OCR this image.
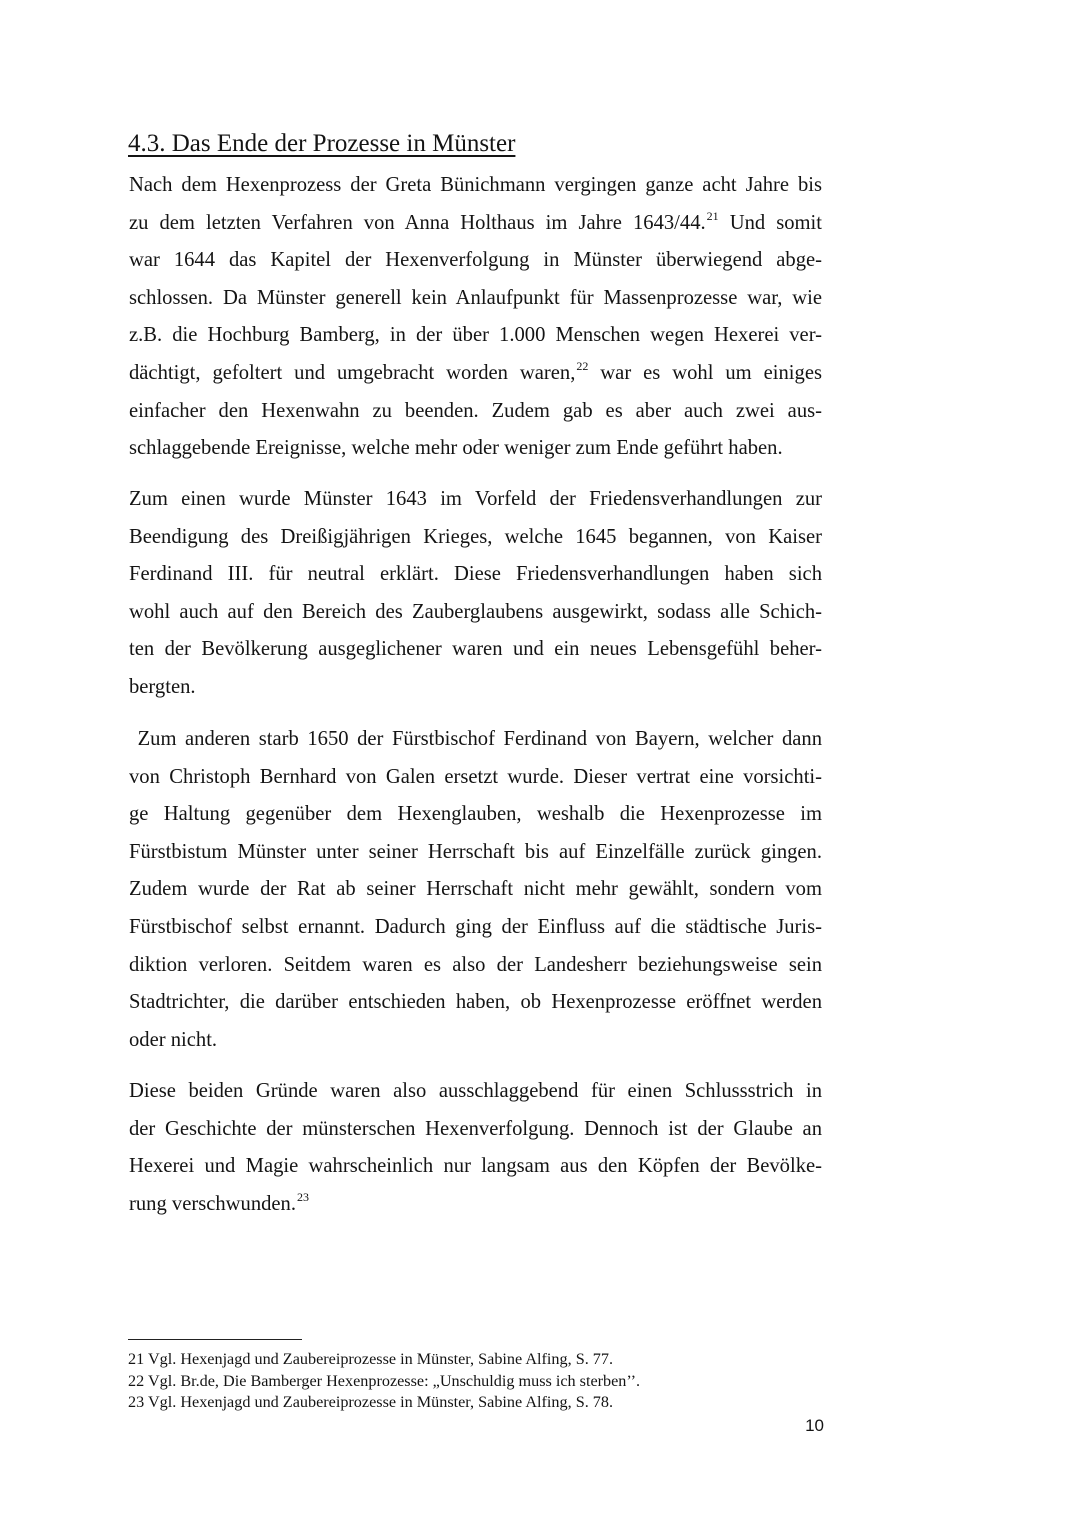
4.3. Das Ende der Prozesse in Münster

Nach dem Hexenprozess der Greta Bünichmann vergingen ganze acht Jahre bis
zu dem letzten Verfahren von Anna Holthaus im Jahre 1643/44.21 Und somit
war 1644 das Kapitel der Hexenverfolgung in Münster überwiegend abge-
schlossen. Da Münster generell kein Anlaufpunkt für Massenprozesse war, wie
z.B. die Hochburg Bamberg, in der über 1.000 Menschen wegen Hexerei ver-
dächtigt, gefoltert und umgebracht worden waren,$^{22}$ war es wohl um einiges
einfacher den Hexenwahn zu beenden. Zudem gab es aber auch zwei aus-
schlaggebende Ereignisse, welche mehr oder weniger zum Ende geführt haben.

Zum einen wurde Münster 1643 im Vorfeld der Friedensverhandlungen zur
Beendigung des Dreißigjährigen Krieges, welche 1645 begannen, von Kaiser
Ferdinand III. für neutral erklärt. Diese Friedensverhandlungen haben sich
wohl auch auf den Bereich des Zauberglaubens ausgewirkt, sodass alle Schich-
ten der Bevölkerung ausgeglichener waren und ein neues Lebensgefühl beher-
bergten.

Zum anderen starb 1650 der Fürstbischof Ferdinand von Bayern, welcher dann
von Christoph Bernhard von Galen ersetzt wurde. Dieser vertrat eine vorsichti-
ge Haltung gegenüber dem Hexenglauben, weshalb die Hexenprozesse im
Fürstbistum Münster unter seiner Herrschaft bis auf Einzelfälle zurück gingen.
Zudem wurde der Rat ab seiner Herrschaft nicht mehr gewählt, sondern vom
Fürstbischof selbst ernannt. Dadurch ging der Einfluss auf die städtische Juris-
diktion verloren. Seitdem waren es also der Landesherr beziehungsweise sein
Stadtrichter, die darüber entschieden haben, ob Hexenprozesse eröffnet werden
oder nicht.

Diese beiden Gründe waren also ausschlaggebend für einen Schlussstrich in
der Geschichte der münsterschen Hexenverfolgung. Dennoch ist der Glaube an
Hexerei und Magie wahrscheinlich nur langsam aus den Köpfen der Bevölke-
rung verschwunden.$^{23}$

21 Vgl. Hexenjagd und Zaubereiprozesse in Münster, Sabine Alfing, S. 77.
22 Vgl. Br.de, Die Bamberger Hexenprozesse: „Unschuldig muss ich sterben’’.
23 Vgl. Hexenjagd und Zaubereiprozesse in Münster, Sabine Alfing, S. 78.
10
